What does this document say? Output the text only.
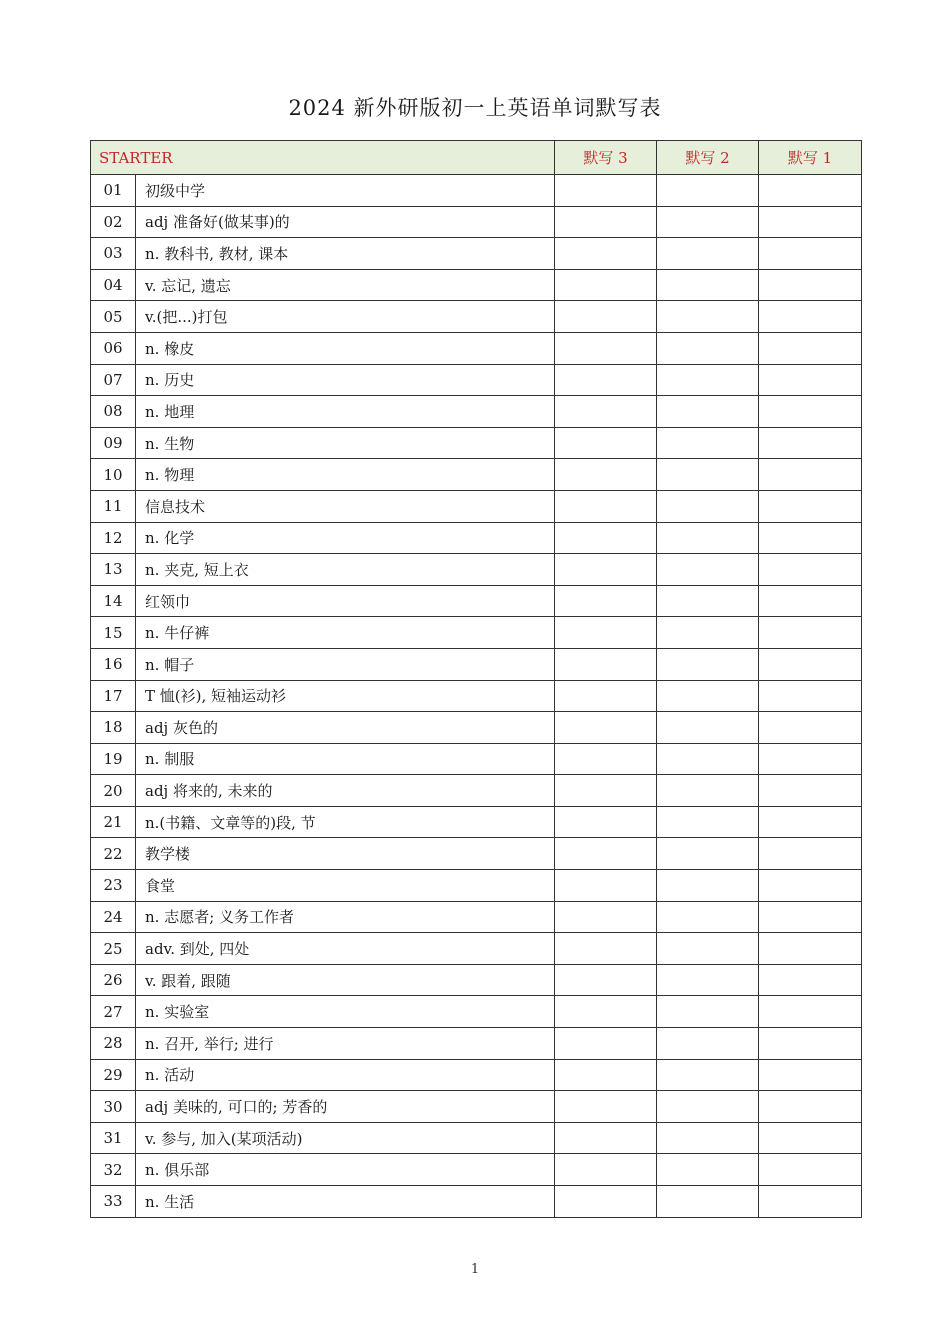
2024 新外研版初一上英语单词默写表
STARTER		默写 3	默写 2	默写 1
01	初级中学			
02	adj 准备好(做某事)的			
03	n. 教科书, 教材, 课本			
04	v. 忘记, 遗忘			
05	v.(把...)打包			
06	n. 橡皮			
07	n. 历史			
08	n. 地理			
09	n. 生物			
10	n. 物理			
11	信息技术			
12	n. 化学			
13	n. 夹克, 短上衣			
14	红领巾			
15	n. 牛仔裤			
16	n. 帽子			
17	T 恤(衫), 短袖运动衫			
18	adj 灰色的			
19	n. 制服			
20	adj 将来的, 未来的			
21	n.(书籍、文章等的)段, 节			
22	教学楼			
23	食堂			
24	n. 志愿者; 义务工作者			
25	adv. 到处, 四处			
26	v. 跟着, 跟随			
27	n. 实验室			
28	n. 召开, 举行; 进行			
29	n. 活动			
30	adj 美味的, 可口的; 芳香的			
31	v. 参与, 加入(某项活动)			
32	n. 俱乐部			
33	n. 生活			
1
